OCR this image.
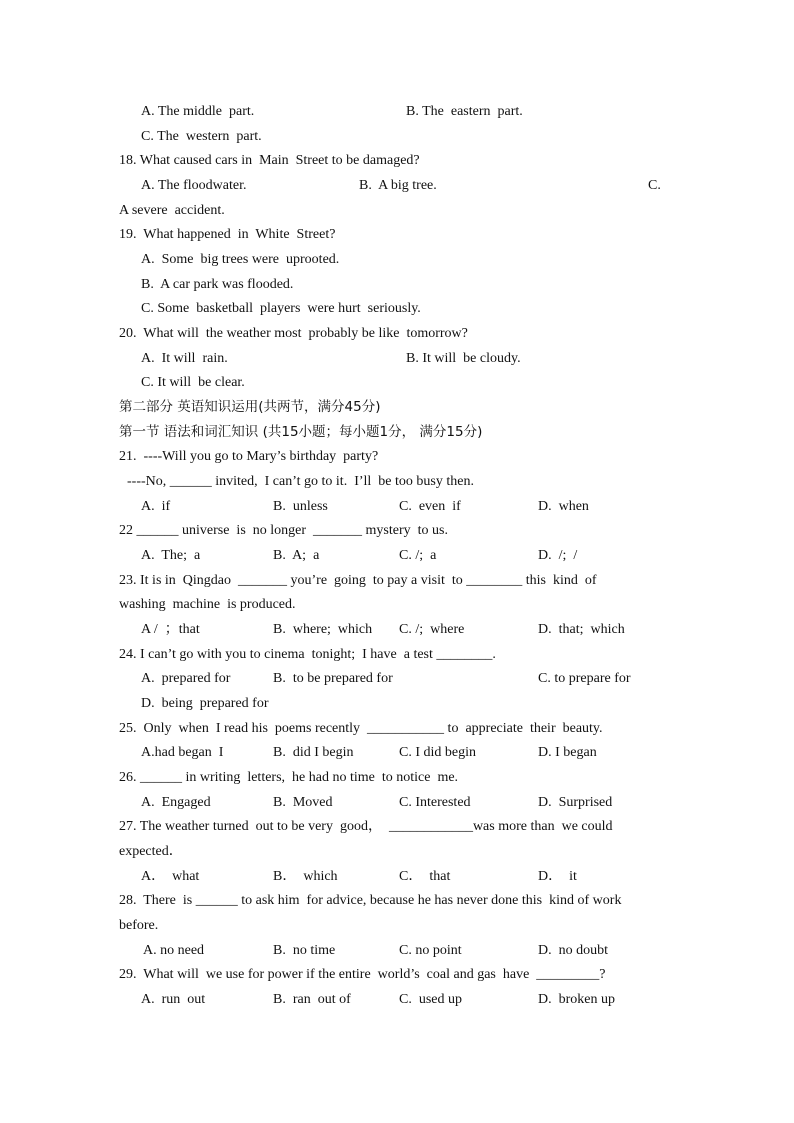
A. The middle  part.	B. The  eastern  part.
C. The  western  part.
18. What caused cars in  Main  Street to be damaged?
A. The floodwater.	B.  A big tree.	C.
A severe  accident.
19.  What happened  in  White  Street?
A.  Some  big trees were  uprooted.
B.  A car park was flooded.
C. Some  basketball  players  were hurt  seriously.
20.  What will  the weather most  probably be like  tomorrow?
A.  It will  rain.	B. It will  be cloudy.
C. It will  be clear.
第二部分 英语知识运用(共两节，满分45分)
第一节 语法和词汇知识 (共15小题；每小题1分， 满分15分)
21.  ----Will you go to Mary’s birthday  party?
----No, ______ invited,  I can’t go to it.  I’ll  be too busy then.
A.  if	B.  unless	C.  even  if	D.  when
22 ______ universe  is  no longer  _______ mystery  to us.
A.  The;  a	B.  A;  a	C. /;  a	D.  /;  /
23. It is in  Qingdao  _______ you’re  going  to pay a visit  to ________ this  kind  of
washing  machine  is produced.
A /  ；that	B.  where;  which C. /;  where	D.  that;  which
24. I can’t go with you to cinema  tonight;  I have  a test ________.
A.  prepared for	B.  to be prepared for	C. to prepare for
D.  being  prepared for
25.  Only  when  I read his  poems recently  ___________ to  appreciate  their  beauty.
A.had began  I	B.  did I begin	C. I did begin	D. I began
26. ______ in writing  letters,  he had no time  to notice  me.
A.  Engaged	B.  Moved	C. Interested	D.  Surprised
27. The weather turned  out to be very  good，  ____________was more than  we could
expected．
A．  what	B．  which	C．  that	D．  it
28.  There  is ______ to ask him  for advice, because he has never done this  kind of work
before.
A. no need	B.  no time	C. no point	D.  no doubt
29.  What will  we use for power if the entire  world’s  coal and gas  have  _________?
A.  run  out	B.  ran  out of	C.  used up	D.  broken up
